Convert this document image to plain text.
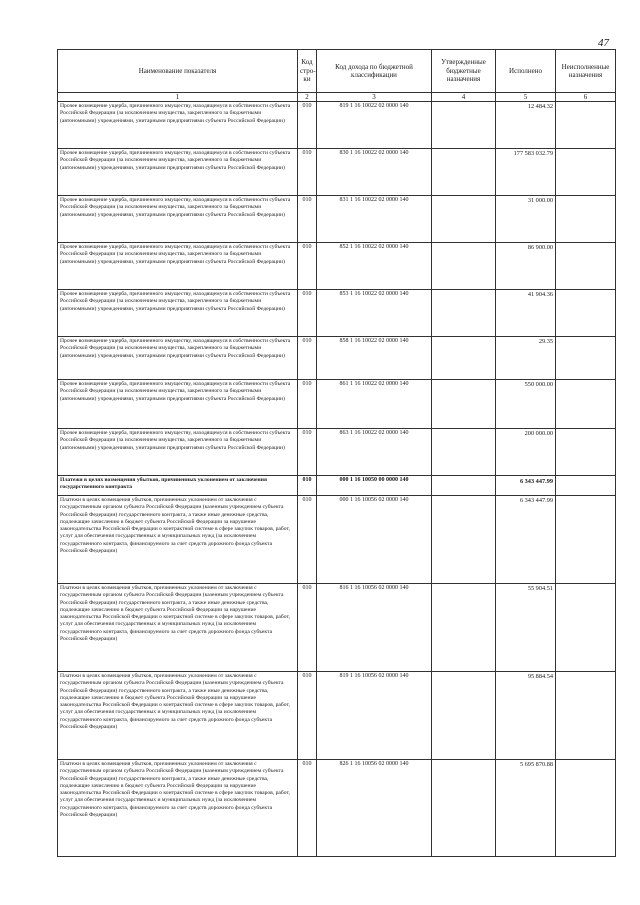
47
Наименование показателя	Код стро-ки	Код дохода по бюджетной классификации	Утвержденные бюджетные назначения	Исполнено	Неисполненные назначения
1	2	3	4	5	6
Прочее возмещение ущерба, причиненного имуществу, находящемуся в собственности субъекта Российской Федерации (за исключением имущества, закрепленного за бюджетными (автономными) учреждениями, унитарными предприятиями субъекта Российской Федерации)	010	819 1 16 10022 02 0000 140		12 484.32	
Прочее возмещение ущерба, причиненного имуществу, находящемуся в собственности субъекта Российской Федерации (за исключением имущества, закрепленного за бюджетными (автономными) учреждениями, унитарными предприятиями субъекта Российской Федерации)	010	830 1 16 10022 02 0000 140		177 583 032.79	
Прочее возмещение ущерба, причиненного имуществу, находящемуся в собственности субъекта Российской Федерации (за исключением имущества, закрепленного за бюджетными (автономными) учреждениями, унитарными предприятиями субъекта Российской Федерации)	010	831 1 16 10022 02 0000 140		31 000.00	
Прочее возмещение ущерба, причиненного имуществу, находящемуся в собственности субъекта Российской Федерации (за исключением имущества, закрепленного за бюджетными (автономными) учреждениями, унитарными предприятиями субъекта Российской Федерации)	010	852 1 16 10022 02 0000 140		86 900.00	
Прочее возмещение ущерба, причиненного имуществу, находящемуся в собственности субъекта Российской Федерации (за исключением имущества, закрепленного за бюджетными (автономными) учреждениями, унитарными предприятиями субъекта Российской Федерации)	010	853 1 16 10022 02 0000 140		41 904.36	
Прочее возмещение ущерба, причиненного имуществу, находящемуся в собственности субъекта Российской Федерации (за исключением имущества, закрепленного за бюджетными (автономными) учреждениями, унитарными предприятиями субъекта Российской Федерации)	010	858 1 16 10022 02 0000 140		29.35	
Прочее возмещение ущерба, причиненного имуществу, находящемуся в собственности субъекта Российской Федерации (за исключением имущества, закрепленного за бюджетными (автономными) учреждениями, унитарными предприятиями субъекта Российской Федерации)	010	861 1 16 10022 02 0000 140		550 000.00	
Прочее возмещение ущерба, причиненного имуществу, находящемуся в собственности субъекта Российской Федерации (за исключением имущества, закрепленного за бюджетными (автономными) учреждениями, унитарными предприятиями субъекта Российской Федерации)	010	863 1 16 10022 02 0000 140		200 000.00	
Платежи в целях возмещения убытков, причиненных уклонением от заключения государственного контракта	010	000 1 16 10050 00 0000 140		6 343 447.99	
Платежи в целях возмещения убытков, причиненных уклонением от заключения с государственным органом субъекта Российской Федерации (казенным учреждением субъекта Российской Федерации) государственного контракта, а также иные денежные средства, подлежащие зачислению в бюджет субъекта Российской Федерации за нарушение законодательства Российской Федерации о контрактной системе в сфере закупок товаров, работ, услуг для обеспечения государственных и муниципальных нужд (за исключением государственного контракта, финансируемого за счет средств дорожного фонда субъекта Российской Федерации)	010	000 1 16 10056 02 0000 140		6 343 447.99	
Платежи в целях возмещения убытков, причиненных уклонением от заключения с государственным органом субъекта Российской Федерации (казенным учреждением субъекта Российской Федерации) государственного контракта, а также иные денежные средства, подлежащие зачислению в бюджет субъекта Российской Федерации за нарушение законодательства Российской Федерации о контрактной системе в сфере закупок товаров, работ, услуг для обеспечения государственных и муниципальных нужд (за исключением государственного контракта, финансируемого за счет средств дорожного фонда субъекта Российской Федерации)	010	816 1 16 10056 02 0000 140		55 904.51	
Платежи в целях возмещения убытков, причиненных уклонением от заключения с государственным органом субъекта Российской Федерации (казенным учреждением субъекта Российской Федерации) государственного контракта, а также иные денежные средства, подлежащие зачислению в бюджет субъекта Российской Федерации за нарушение законодательства Российской Федерации о контрактной системе в сфере закупок товаров, работ, услуг для обеспечения государственных и муниципальных нужд (за исключением государственного контракта, финансируемого за счет средств дорожного фонда субъекта Российской Федерации)	010	819 1 16 10056 02 0000 140		95 884.54	
Платежи в целях возмещения убытков, причиненных уклонением от заключения с государственным органом субъекта Российской Федерации (казенным учреждением субъекта Российской Федерации) государственного контракта, а также иные денежные средства, подлежащие зачислению в бюджет субъекта Российской Федерации за нарушение законодательства Российской Федерации о контрактной системе в сфере закупок товаров, работ, услуг для обеспечения государственных и муниципальных нужд (за исключением государственного контракта, финансируемого за счет средств дорожного фонда субъекта Российской Федерации)	010	826 1 16 10056 02 0000 140		5 695 870.88	
